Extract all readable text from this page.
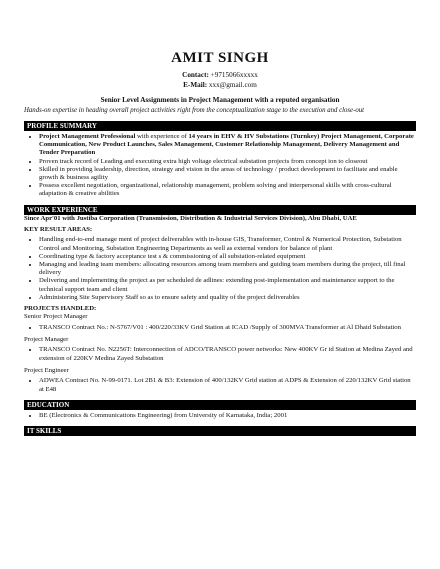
AMIT SINGH
Contact: +9715066xxxxx
E-Mail: xxx@gmail.com
Senior Level Assignments in Project Management with a reputed organisation
Hands-on expertise in heading overall project activities right from the conceptualization stage to the execution and close-out
PROFILE SUMMARY
• Project Management Professional with experience of 14 years in EHV & HV Substations (Turnkey) Project Management, Corporate Communication, New Product Launches, Sales Management, Customer Relationship Management, Delivery Management and Tender Preparation
• Proven track record of Leading and executing extra high voltage electrical substation projects from concept ion to closeout
• Skilled in providing leadership, direction, strategy and vision in the areas of technology / product development to facilitate and enable growth & business agility
• Possess excellent negotiation, organizational, relationship management, problem solving and interpersonal skills with cross-cultural adaptation & creative abilities
WORK EXPERIENCE
Since Apr'01 with Justiba Corporation (Transmission, Distribution & Industrial Services Division), Abu Dhabi, UAE
KEY RESULT AREAS:
• Handling end-to-end manage ment of project deliverables with in-house GIS, Transformer, Control & Numerical Protection, Substation Control and Monitoring, Substation Engineering Departments as well as external vendors for balance of plant
• Coordinating type & factory acceptance test s & commissioning of all substation-related equipment
• Managing and leading team members: allocating resources among team members and guiding team members during the project, till final delivery
• Delivering and implementing the project as per scheduled de adlines: extending post-implementation and maintenance support to the technical support team and client
• Administering Site Supervisory Staff so as to ensure safety and quality of the project deliverables
PROJECTS HANDLED:
Senior Project Manager
• TRANSCO Contract No.: N-5767/V01 : 400/220/33KV Grid Station at ICAD /Supply of 300MVA Transformer at Al Dhaid Substation
Project Manager
• TRANSCO Contract No. N2256T: Interconnection of ADCO/TRANSCO power networks: New 400KV Gr id Station at Medina Zayed and extension of 220KV Medina Zayed Substation
Project Engineer
• ADWEA Contract No. N-99-0171. Lot 2B1 & B3: Extension of 400/132KV Grid station at ADPS & Extension of 220/132KV Grid station at E48
EDUCATION
• BE (Electronics & Communications Engineering) from University of Karnataka, India; 2001
IT SKILLS
